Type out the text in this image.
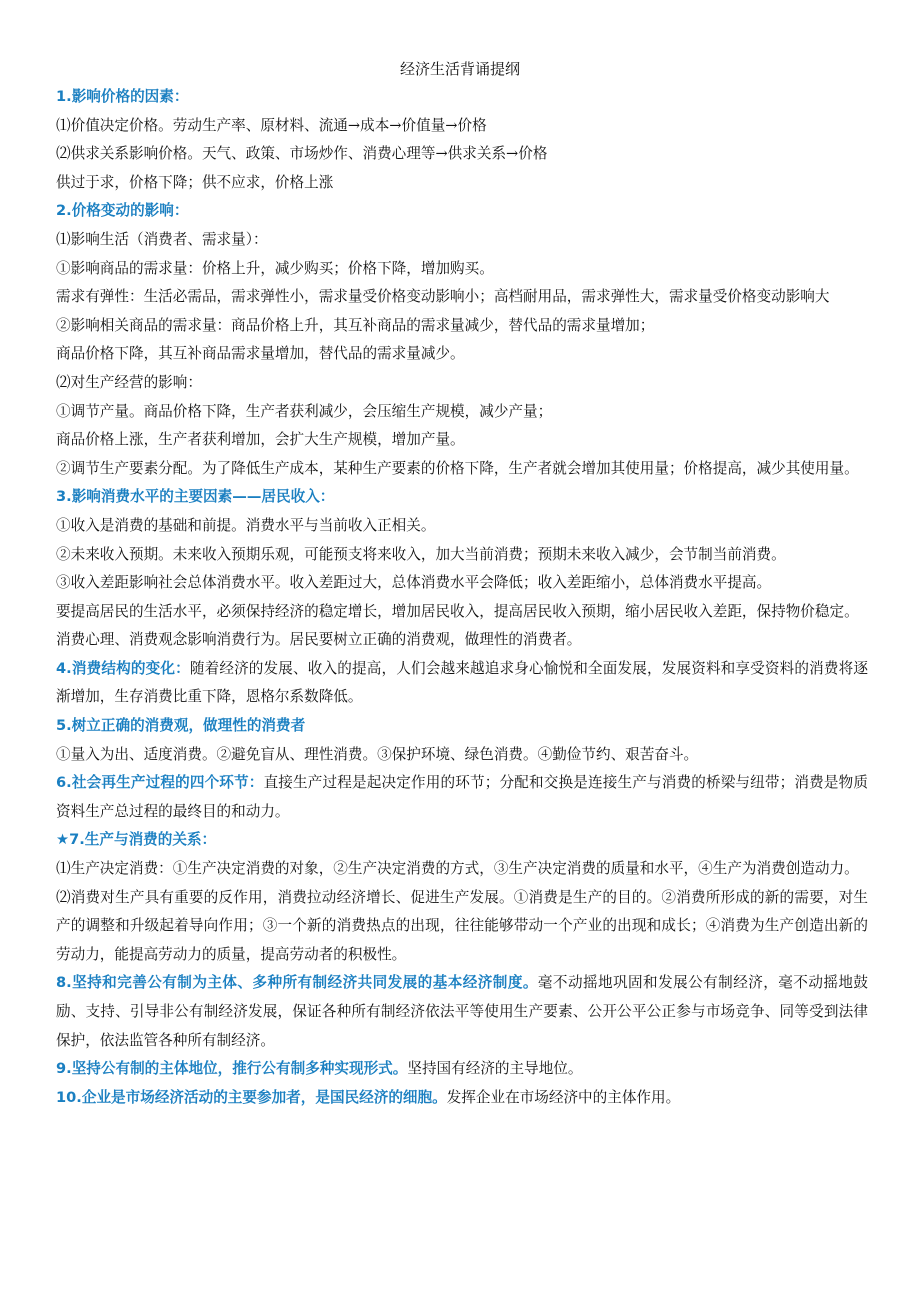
经济生活背诵提纲

1.影响价格的因素：

⑴价值决定价格。劳动生产率、原材料、流通→成本→价值量→价格

⑵供求关系影响价格。天气、政策、市场炒作、消费心理等→供求关系→价格

供过于求，价格下降；供不应求，价格上涨

2.价格变动的影响：

⑴影响生活（消费者、需求量）：

①影响商品的需求量：价格上升，减少购买；价格下降，增加购买。

需求有弹性：生活必需品，需求弹性小，需求量受价格变动影响小；高档耐用品，需求弹性大，需求量受价格变动影响大

②影响相关商品的需求量：商品价格上升，其互补商品的需求量减少，替代品的需求量增加；

商品价格下降，其互补商品需求量增加，替代品的需求量减少。

⑵对生产经营的影响：

①调节产量。商品价格下降，生产者获利减少，会压缩生产规模，减少产量；

商品价格上涨，生产者获利增加，会扩大生产规模，增加产量。

②调节生产要素分配。为了降低生产成本，某种生产要素的价格下降，生产者就会增加其使用量；价格提高，减少其使用量。

3.影响消费水平的主要因素——居民收入：

①收入是消费的基础和前提。消费水平与当前收入正相关。

②未来收入预期。未来收入预期乐观，可能预支将来收入，加大当前消费；预期未来收入减少，会节制当前消费。

③收入差距影响社会总体消费水平。收入差距过大，总体消费水平会降低；收入差距缩小，总体消费水平提高。

要提高居民的生活水平，必须保持经济的稳定增长，增加居民收入，提高居民收入预期，缩小居民收入差距，保持物价稳定。

消费心理、消费观念影响消费行为。居民要树立正确的消费观，做理性的消费者。

4.消费结构的变化：随着经济的发展、收入的提高，人们会越来越追求身心愉悦和全面发展，发展资料和享受资料的消费将逐渐增加，生存消费比重下降，恩格尔系数降低。

5.树立正确的消费观，做理性的消费者

①量入为出、适度消费。②避免盲从、理性消费。③保护环境、绿色消费。④勤俭节约、艰苦奋斗。

6.社会再生产过程的四个环节：直接生产过程是起决定作用的环节；分配和交换是连接生产与消费的桥梁与纽带；消费是物质资料生产总过程的最终目的和动力。

★7.生产与消费的关系：

⑴生产决定消费：①生产决定消费的对象，②生产决定消费的方式，③生产决定消费的质量和水平，④生产为消费创造动力。

⑵消费对生产具有重要的反作用，消费拉动经济增长、促进生产发展。①消费是生产的目的。②消费所形成的新的需要，对生产的调整和升级起着导向作用；③一个新的消费热点的出现，往往能够带动一个产业的出现和成长；④消费为生产创造出新的劳动力，能提高劳动力的质量，提高劳动者的积极性。

8.坚持和完善公有制为主体、多种所有制经济共同发展的基本经济制度。毫不动摇地巩固和发展公有制经济，毫不动摇地鼓励、支持、引导非公有制经济发展，保证各种所有制经济依法平等使用生产要素、公开公平公正参与市场竞争、同等受到法律保护，依法监管各种所有制经济。

9.坚持公有制的主体地位，推行公有制多种实现形式。坚持国有经济的主导地位。

10.企业是市场经济活动的主要参加者，是国民经济的细胞。发挥企业在市场经济中的主体作用。
